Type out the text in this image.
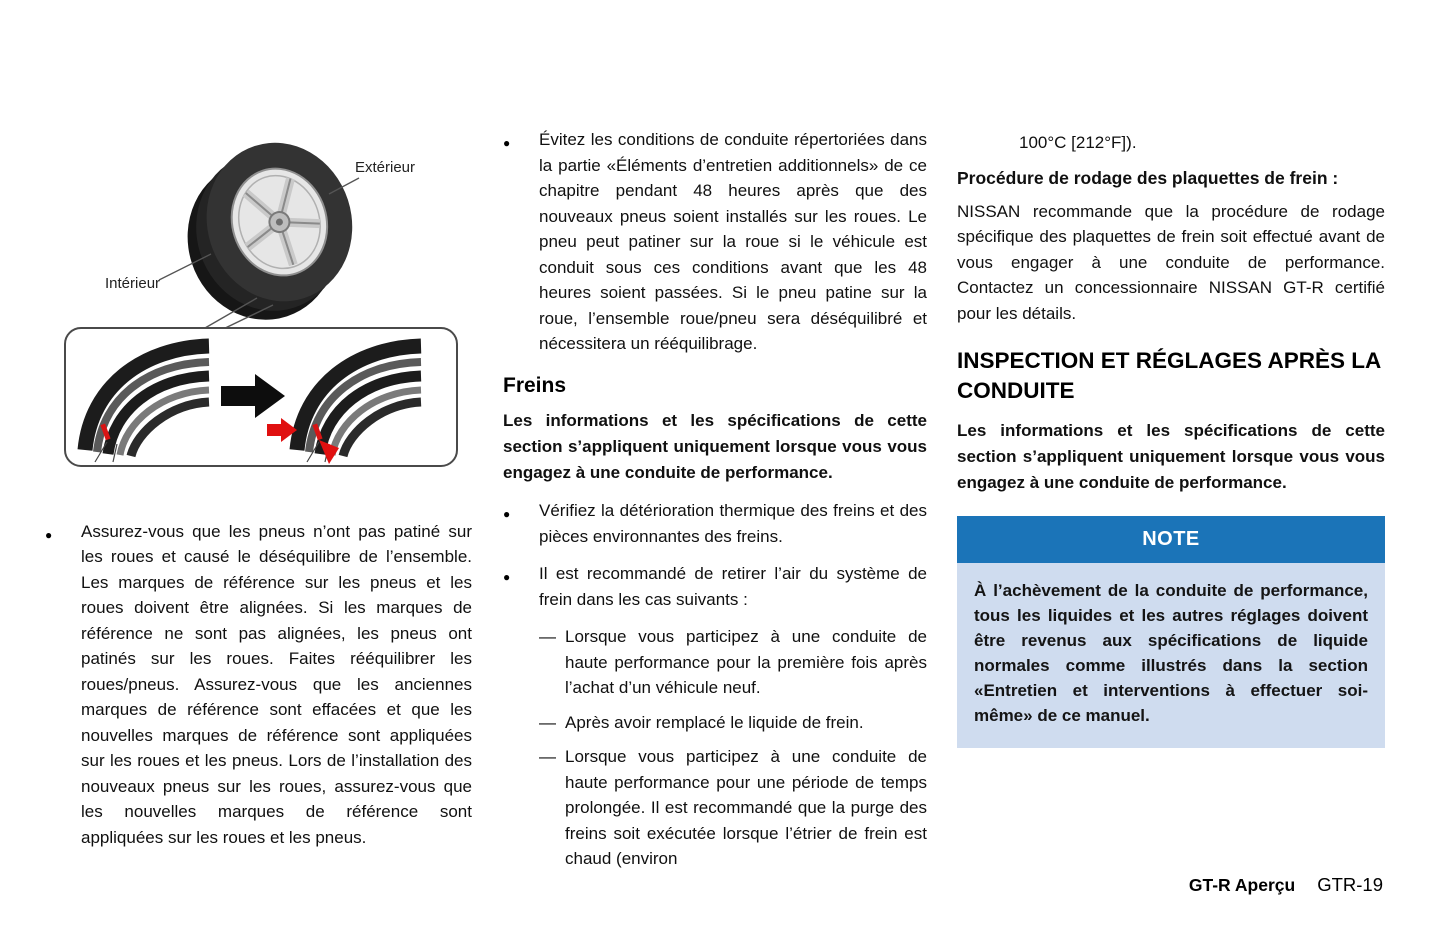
Extérieur
Intérieur
●	Assurez-vous que les pneus n’ont pas patiné sur les roues et causé le déséquilibre de l’ensemble. Les marques de référence sur les pneus et les roues doivent être alignées. Si les marques de référence ne sont pas alignées, les pneus ont patinés sur les roues. Faites rééquilibrer les roues/pneus. Assurez-vous que les anciennes marques de référence sont effacées et que les nouvelles marques de référence sont appliquées sur les roues et les pneus. Lors de l’installation des nouveaux pneus sur les roues, assurez-vous que les nouvelles marques de référence sont appliquées sur les roues et les pneus.
●	Évitez les conditions de conduite répertoriées dans la partie «Éléments d’entretien additionnels» de ce chapitre pendant 48 heures après que des nouveaux pneus soient installés sur les roues. Le pneu peut patiner sur la roue si le véhicule est conduit sous ces conditions avant que les 48 heures soient passées. Si le pneu patine sur la roue, l’ensemble roue/pneu sera déséquilibré et nécessitera un rééquilibrage.
Freins

Les informations et les spécifications de cette section s’appliquent uniquement lorsque vous vous engagez à une conduite de performance.

●	Vérifiez la détérioration thermique des freins et des pièces environnantes des freins.
●	Il est recommandé de retirer l’air du système de frein dans les cas suivants :
— Lorsque vous participez à une conduite de haute performance pour la première fois après l’achat d’un véhicule neuf.
— Après avoir remplacé le liquide de frein.
— Lorsque vous participez à une conduite de haute performance pour une période de temps prolongée. Il est recommandé que la purge des freins soit exécutée lorsque l’étrier de frein est chaud (environ

100°C [212°F]).

Procédure de rodage des plaquettes de frein :

NISSAN recommande que la procédure de rodage spécifique des plaquettes de frein soit effectué avant de vous engager à une conduite de performance. Contactez un concessionnaire NISSAN GT-R certifié pour les détails.

INSPECTION ET RÉGLAGES APRÈS LA CONDUITE

Les informations et les spécifications de cette section s’appliquent uniquement lorsque vous vous engagez à une conduite de performance.

NOTE
À l’achèvement de la conduite de performance, tous les liquides et les autres réglages doivent être revenus aux spécifications de liquide normales comme illustrés dans la section «Entretien et interventions à effectuer soi-même» de ce manuel.
GT-R Aperçu GTR-19
